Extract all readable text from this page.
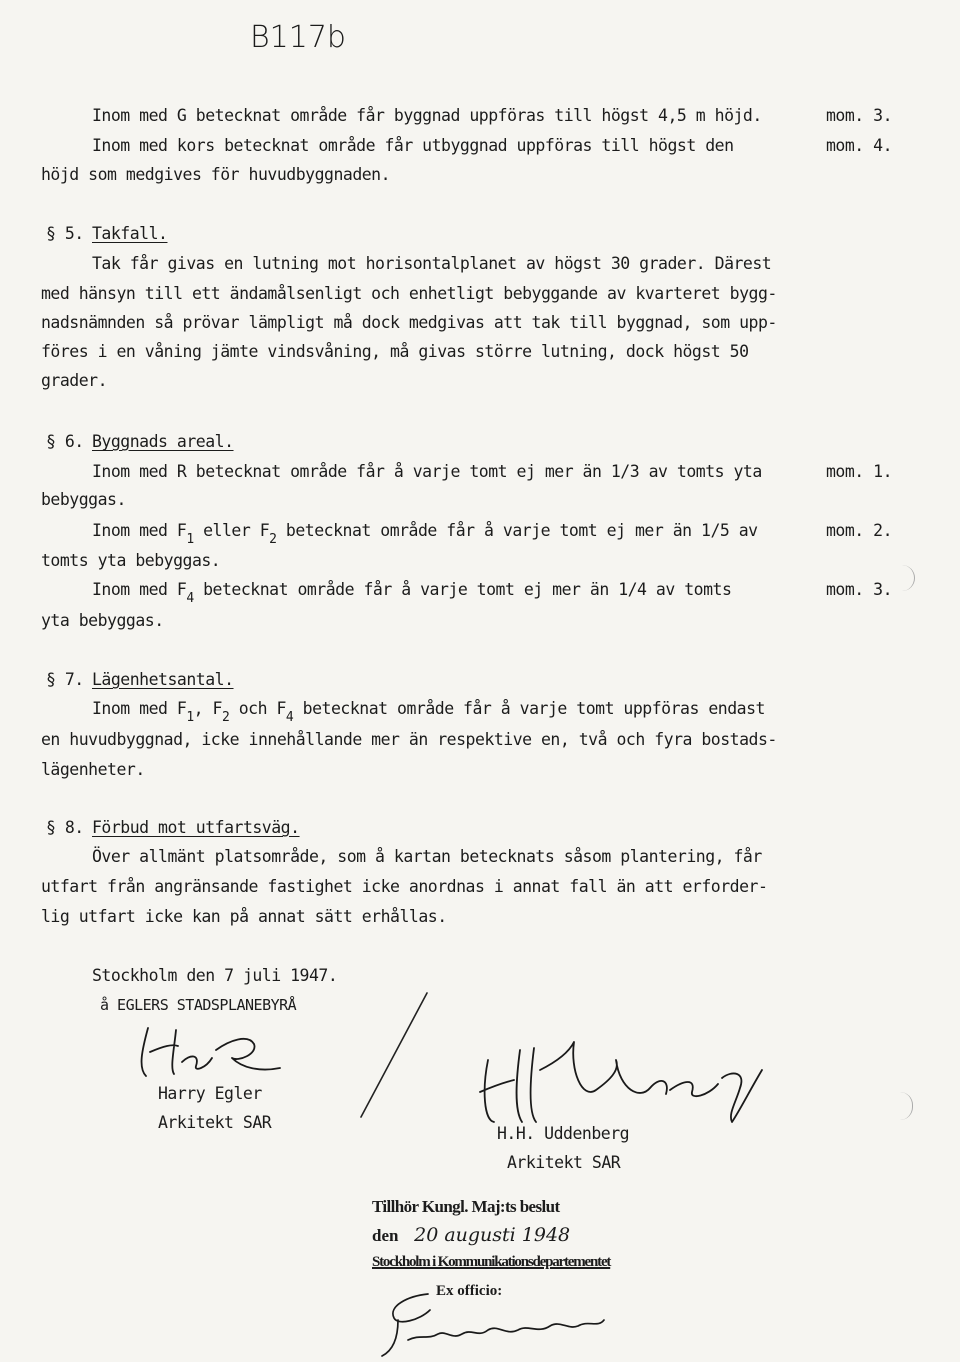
B117b
Inom med G betecknat område får byggnad uppföras till högst 4,5 m höjd.	mom. 3.
Inom med kors betecknat område får utbyggnad uppföras till högst den	mom. 4.
höjd som medgives för huvudbyggnaden.
§ 5. Takfall.
Tak får givas en lutning mot horisontalplanet av högst 30 grader. Därest
med hänsyn till ett ändamålsenligt och enhetligt bebyggande av kvarteret bygg-
nadsnämnden så prövar lämpligt må dock medgivas att tak till byggnad, som upp-
föres i en våning jämte vindsvåning, må givas större lutning, dock högst 50
grader.
§ 6. Byggnads areal.
Inom med R betecknat område får å varje tomt ej mer än 1/3 av tomts yta	mom. 1.
bebyggas.
Inom med $F_1$ eller $F_2$ betecknat område får å varje tomt ej mer än 1/5 av	mom. 2.
tomts yta bebyggas.
Inom med $F_4$ betecknat område får å varje tomt ej mer än 1/4 av tomts	mom. 3.
yta bebyggas.
§ 7. Lägenhetsantal.
Inom med $F_1$, $F_2$ och $F_4$ betecknat område får å varje tomt uppföras endast
en huvudbyggnad, icke innehållande mer än respektive en, två och fyra bostads-
lägenheter.
§ 8. Förbud mot utfartsväg.
Över allmänt platsområde, som å kartan betecknats såsom plantering, får
utfart från angränsande fastighet icke anordnas i annat fall än att erforder-
lig utfart icke kan på annat sätt erhållas.
Stockholm den 7 juli 1947.
å EGLERS STADSPLANEBYRÅ
Harry Egler
Arkitekt SAR
H.H. Uddenberg
Arkitekt SAR
Tillhör Kungl. Maj:ts beslut
den 20 augusti 1948
Stockholm i Kommunikationsdepartementet
Ex officio:
